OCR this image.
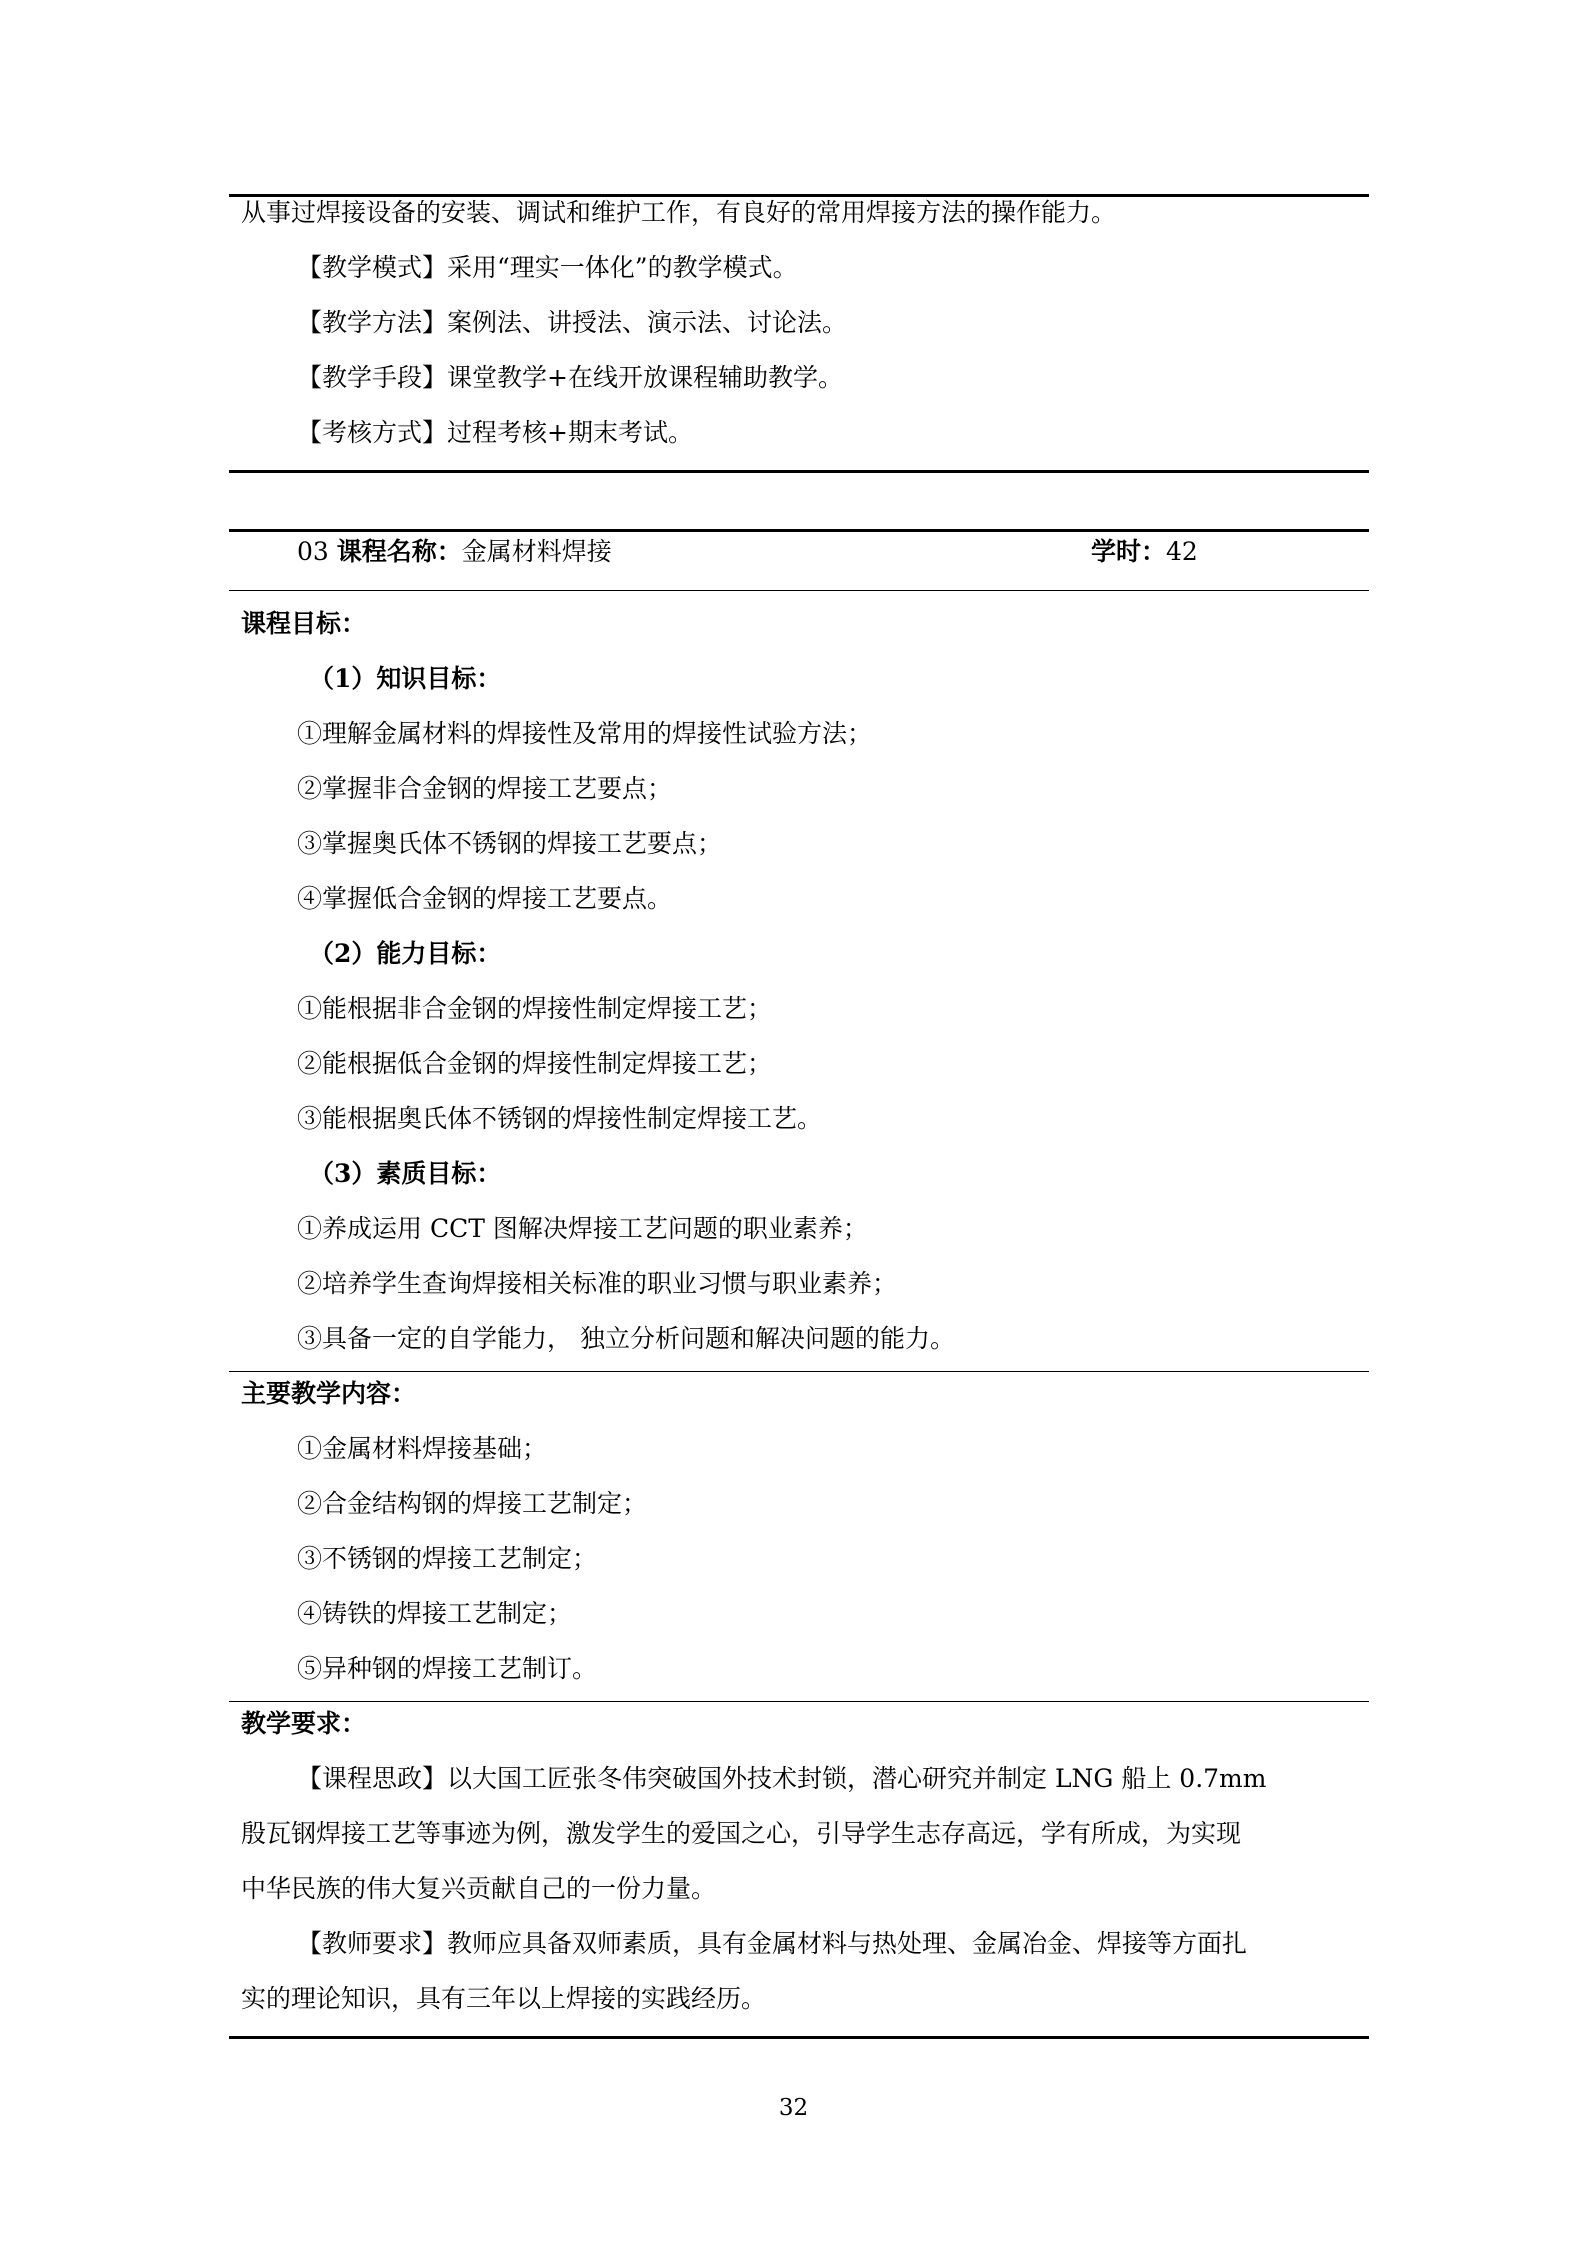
从事过焊接设备的安装、调试和维护工作，有良好的常用焊接方法的操作能力。
【教学模式】采用“理实一体化”的教学模式。
【教学方法】案例法、讲授法、演示法、讨论法。
【教学手段】课堂教学+在线开放课程辅助教学。
【考核方式】过程考核+期末考试。
03 课程名称：金属材料焊接	学时：42
课程目标：
（1）知识目标：
①理解金属材料的焊接性及常用的焊接性试验方法；
②掌握非合金钢的焊接工艺要点；
③掌握奥氏体不锈钢的焊接工艺要点；
④掌握低合金钢的焊接工艺要点。
（2）能力目标：
①能根据非合金钢的焊接性制定焊接工艺；
②能根据低合金钢的焊接性制定焊接工艺；
③能根据奥氏体不锈钢的焊接性制定焊接工艺。
（3）素质目标：
①养成运用 CCT 图解决焊接工艺问题的职业素养；
②培养学生查询焊接相关标准的职业习惯与职业素养；
③具备一定的自学能力， 独立分析问题和解决问题的能力。
主要教学内容：
①金属材料焊接基础；
②合金结构钢的焊接工艺制定；
③不锈钢的焊接工艺制定；
④铸铁的焊接工艺制定；
⑤异种钢的焊接工艺制订。
教学要求：
【课程思政】以大国工匠张冬伟突破国外技术封锁，潜心研究并制定 LNG 船上 0.7mm
殷瓦钢焊接工艺等事迹为例，激发学生的爱国之心，引导学生志存高远，学有所成，为实现
中华民族的伟大复兴贡献自己的一份力量。
【教师要求】教师应具备双师素质，具有金属材料与热处理、金属冶金、焊接等方面扎
实的理论知识，具有三年以上焊接的实践经历。
32
